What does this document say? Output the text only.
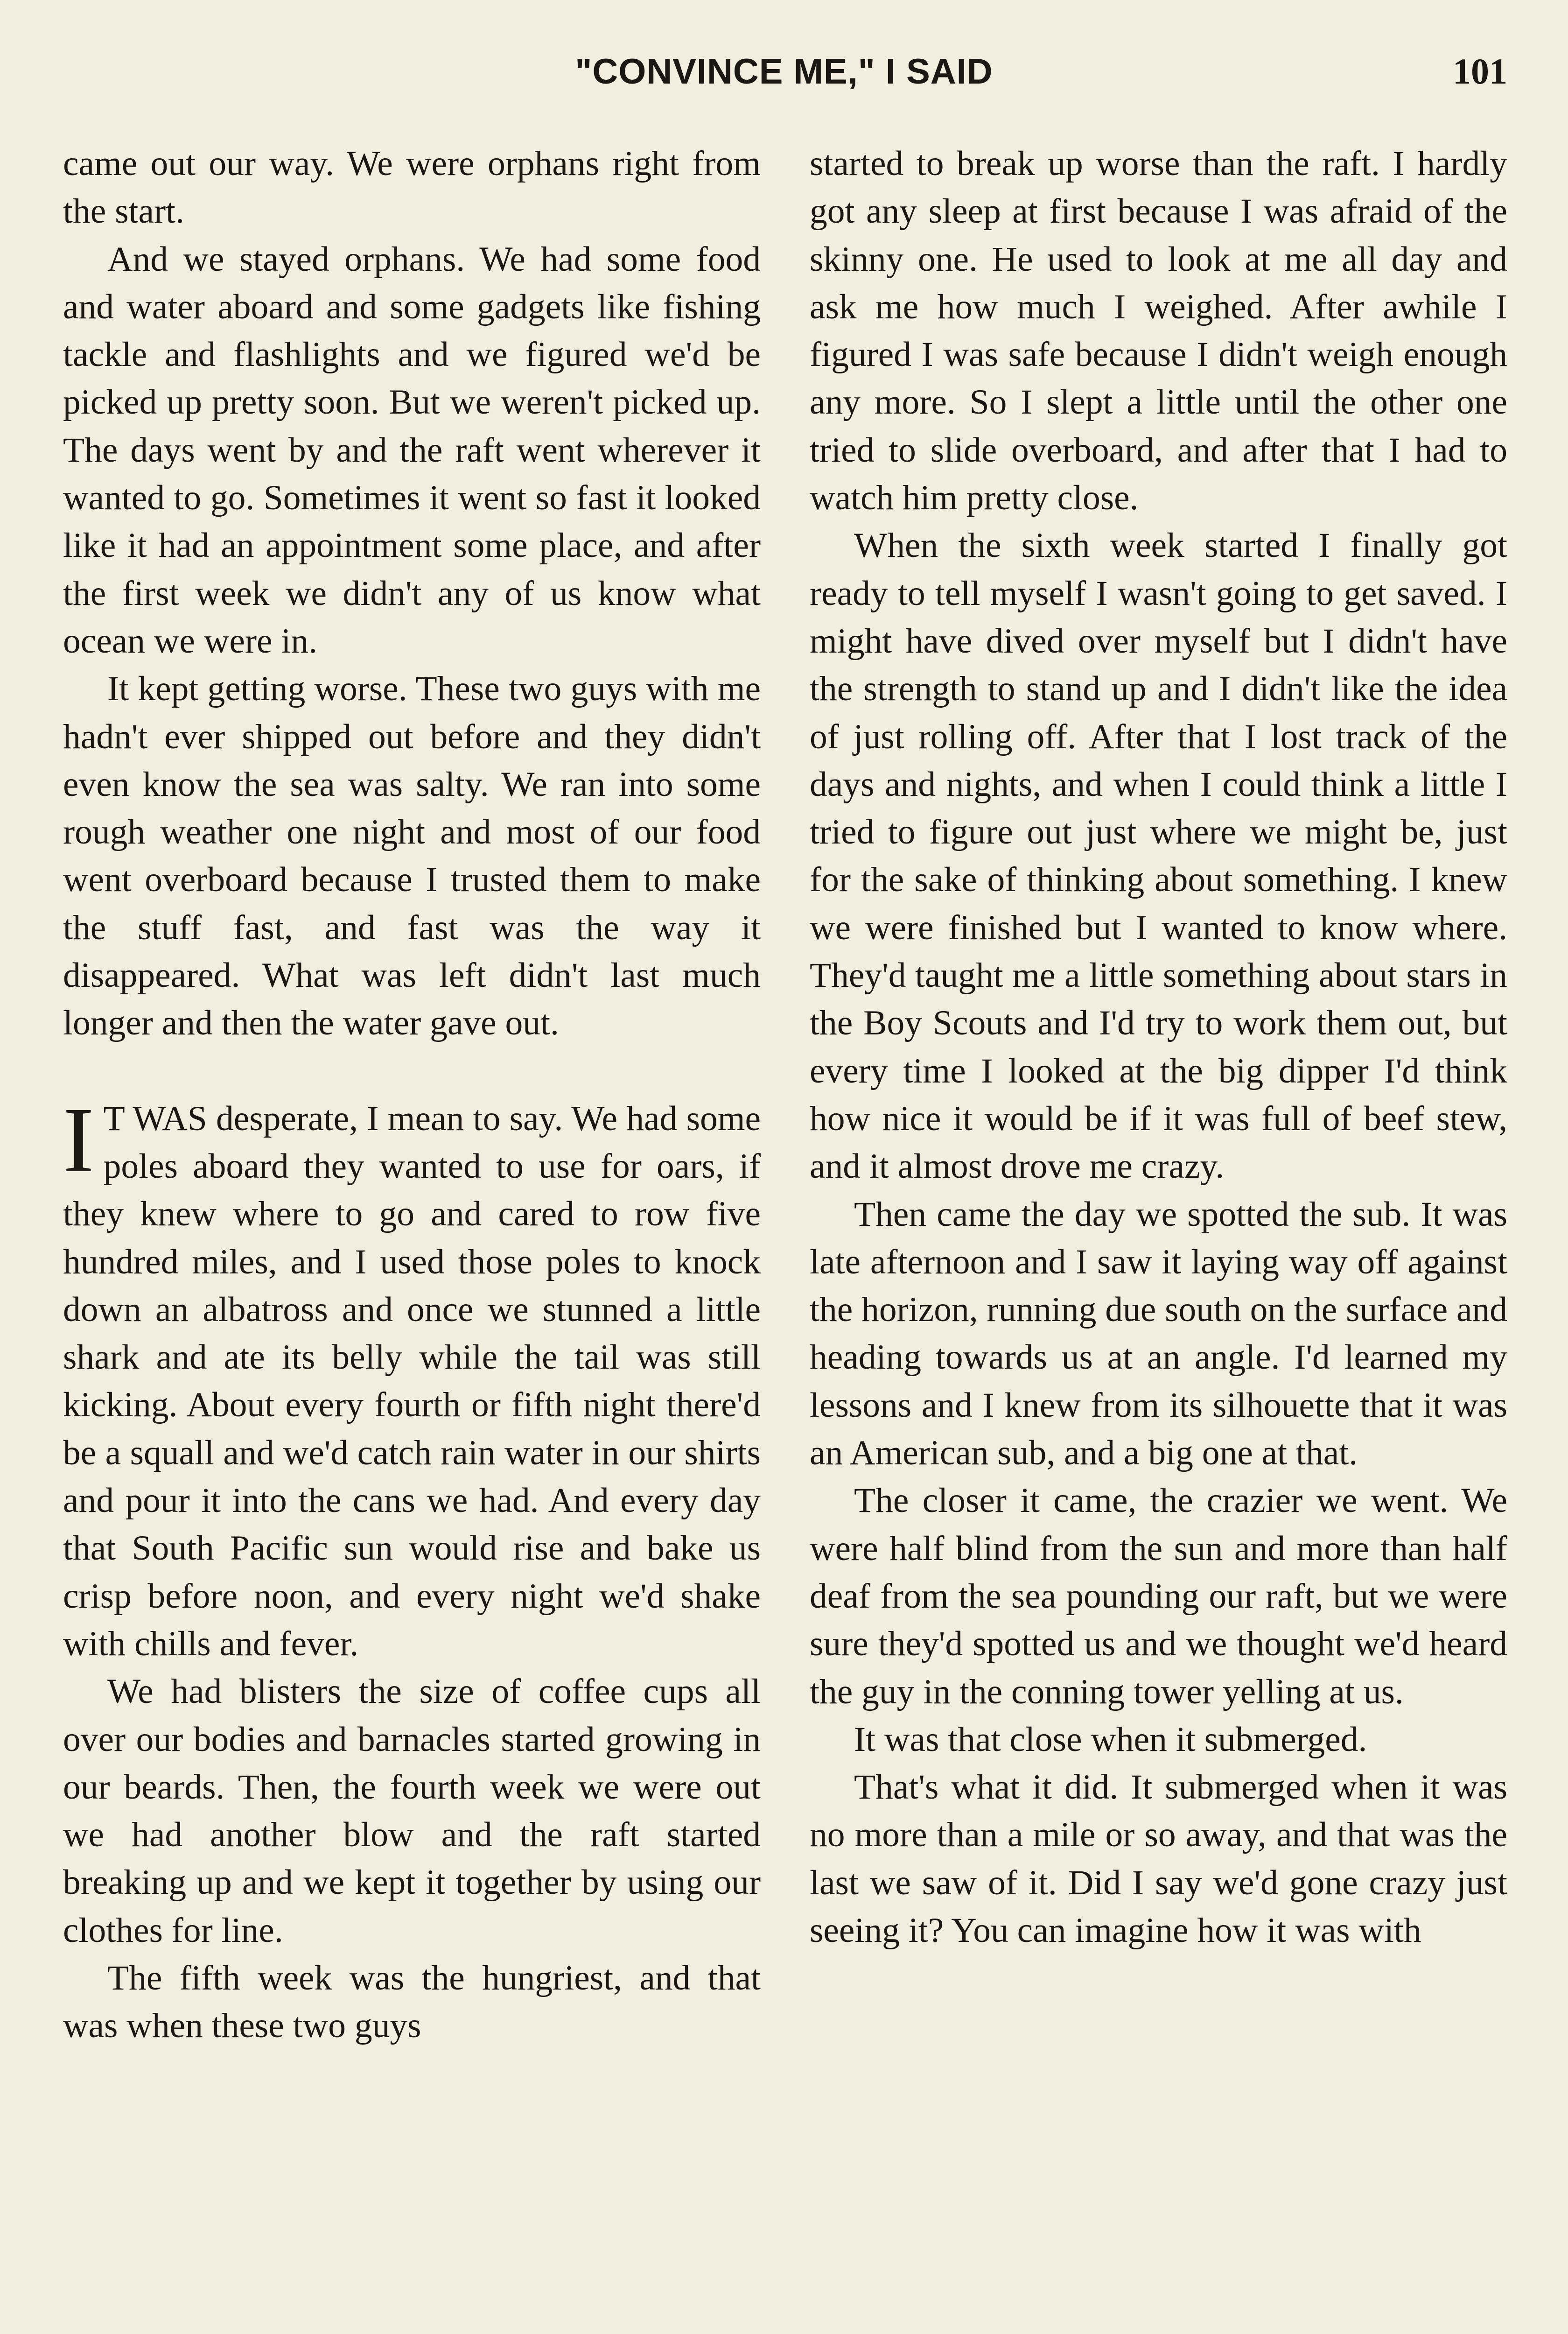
"CONVINCE ME," I SAID	101

came out our way. We were orphans right from the start.

And we stayed orphans. We had some food and water aboard and some gadgets like fishing tackle and flashlights and we figured we'd be picked up pretty soon. But we weren't picked up. The days went by and the raft went wherever it wanted to go. Sometimes it went so fast it looked like it had an appointment some place, and after the first week we didn't any of us know what ocean we were in.

It kept getting worse. These two guys with me hadn't ever shipped out before and they didn't even know the sea was salty. We ran into some rough weather one night and most of our food went overboard because I trusted them to make the stuff fast, and fast was the way it disappeared. What was left didn't last much longer and then the water gave out.

I T WAS desperate, I mean to say. We had some poles aboard they wanted to use for oars, if they knew where to go and cared to row five hundred miles, and I used those poles to knock down an albatross and once we stunned a little shark and ate its belly while the tail was still kicking. About every fourth or fifth night there'd be a squall and we'd catch rain water in our shirts and pour it into the cans we had. And every day that South Pacific sun would rise and bake us crisp before noon, and every night we'd shake with chills and fever.

We had blisters the size of coffee cups all over our bodies and barnacles started growing in our beards. Then, the fourth week we were out we had another blow and the raft started breaking up and we kept it together by using our clothes for line.

The fifth week was the hungriest, and that was when these two guys

started to break up worse than the raft. I hardly got any sleep at first because I was afraid of the skinny one. He used to look at me all day and ask me how much I weighed. After awhile I figured I was safe because I didn't weigh enough any more. So I slept a little until the other one tried to slide overboard, and after that I had to watch him pretty close.

When the sixth week started I finally got ready to tell myself I wasn't going to get saved. I might have dived over myself but I didn't have the strength to stand up and I didn't like the idea of just rolling off. After that I lost track of the days and nights, and when I could think a little I tried to figure out just where we might be, just for the sake of thinking about something. I knew we were finished but I wanted to know where. They'd taught me a little something about stars in the Boy Scouts and I'd try to work them out, but every time I looked at the big dipper I'd think how nice it would be if it was full of beef stew, and it almost drove me crazy.

Then came the day we spotted the sub. It was late afternoon and I saw it laying way off against the horizon, running due south on the surface and heading towards us at an angle. I'd learned my lessons and I knew from its silhouette that it was an American sub, and a big one at that.

The closer it came, the crazier we went. We were half blind from the sun and more than half deaf from the sea pounding our raft, but we were sure they'd spotted us and we thought we'd heard the guy in the conning tower yelling at us.

It was that close when it submerged.

That's what it did. It submerged when it was no more than a mile or so away, and that was the last we saw of it. Did I say we'd gone crazy just seeing it? You can imagine how it was with
